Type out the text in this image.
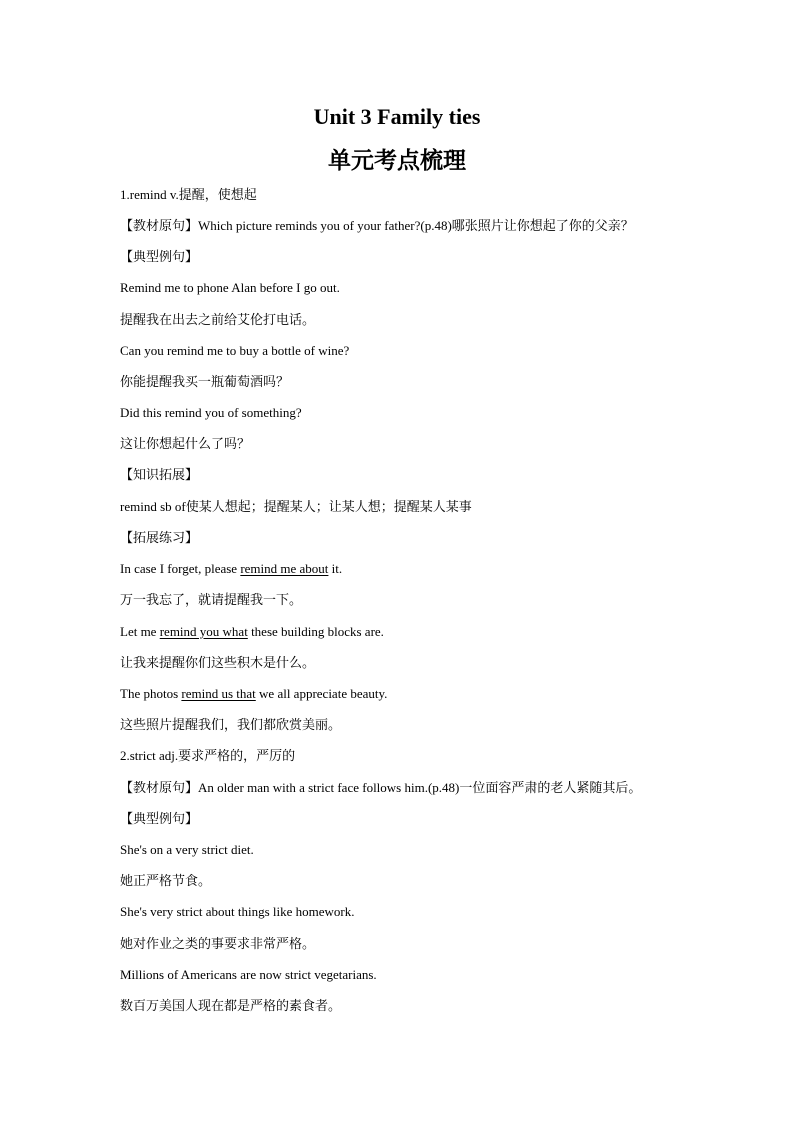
Unit 3 Family ties
单元考点梳理
1.remind v.提醒，使想起
【教材原句】Which picture reminds you of your father?(p.48)哪张照片让你想起了你的父亲？
【典型例句】
Remind me to phone Alan before I go out.
提醒我在出去之前给艾伦打电话。
Can you remind me to buy a bottle of wine?
你能提醒我买一瓶葡萄酒吗？
Did this remind you of something?
这让你想起什么了吗？
【知识拓展】
remind sb of使某人想起；提醒某人；让某人想；提醒某人某事
【拓展练习】
In case I forget, please remind me about it.
万一我忘了，就请提醒我一下。
Let me remind you what these building blocks are.
让我来提醒你们这些积木是什么。
The photos remind us that we all appreciate beauty.
这些照片提醒我们，我们都欣赏美丽。
2.strict adj.要求严格的，严厉的
【教材原句】An older man with a strict face follows him.(p.48)一位面容严肃的老人紧随其后。
【典型例句】
She's on a very strict diet.
她正严格节食。
She's very strict about things like homework.
她对作业之类的事要求非常严格。
Millions of Americans are now strict vegetarians.
数百万美国人现在都是严格的素食者。
